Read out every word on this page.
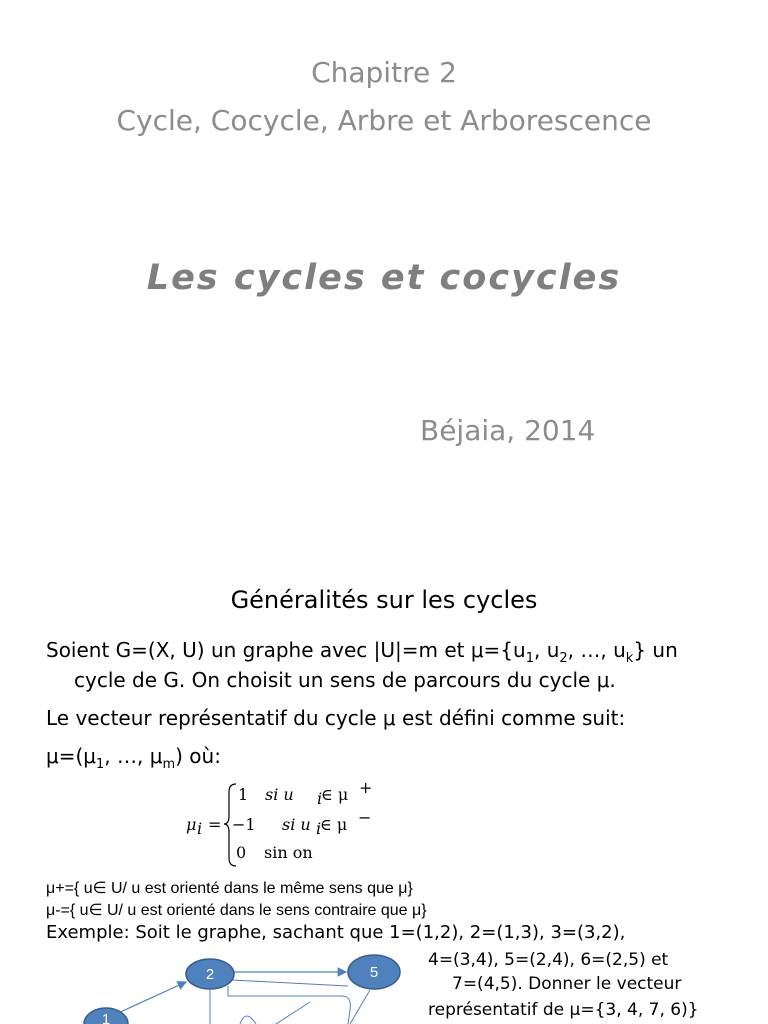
Chapitre 2
Cycle, Cocycle, Arbre et Arborescence
Les cycles et cocycles
Béjaia, 2014
Généralités sur les cycles
Soient G=(X, U) un graphe avec |U|=m et $\mu=\{u_1$, $u_2$, …, $u_k$} un
cycle de G. On choisit un sens de parcours du cycle μ.
Le vecteur représentatif du cycle μ est défini comme suit:
$\mu=(\mu_1$, …, $\mu_m$) où:
μ i =
1 si u i
∈ μ +
−1 si u i
∈ μ −
0 sin on
μ+={ u∈ U/ u est orienté dans le même sens que μ}
μ-={ u∈ U/ u est orienté dans le sens contraire que μ}
Exemple: Soit le graphe, sachant que 1=(1,2), 2=(1,3), 3=(3,2),
4=(3,4), 5=(2,4), 6=(2,5) et
7=(4,5). Donner le vecteur
représentatif de μ={3, 4, 7, 6)}
2	5
1
